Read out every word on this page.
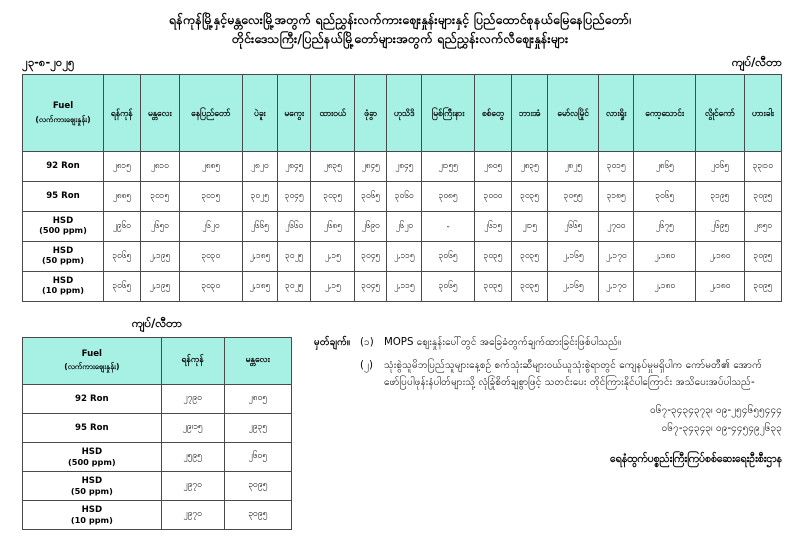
ရန်ကုန်မြို့နှင့်မန္တလေးမြို့အတွက် ရည်ညွှန်းလက်ကားဈေးနှုန်းများနှင့် ပြည်ထောင်စုနယ်မြေနေပြည်တော်၊
တိုင်းဒေသကြီး/ပြည်နယ်မြို့တော်များအတွက် ရည်ညွှန်းလက်လီဈေးနှုန်းများ
၂၃-၈-၂၀၂၅	ကျပ်/လီတာ
Fuel
(လက်ကားဈေးနှုန်း)	ရန်ကုန်	မန္တလေး	နေပြည်တော်	ပဲခူး	မကွေး	ထားဝယ်	ဖုံခွာ	ဟုသိဒိ	မြစ်ကြီးနား	စစ်တွေ	ဘားအံ	မော်လမြိုင်	လားရှိုး	ကော့သောင်း	လွိုင်ကော်	ဟားခါး
92 Ron	၂၈၁၅	၂၈၁၀	၂၈၈၅	၂၈၂၀	၂၈၄၅	၂၈၃၅	၂၈၄၅	၂၈၄၅	၂၊၁၅၅	၂၈၀၅	၂၈၃၅	၂၈၂၅	၃၀၁၅	၂၈၆၅	၂၀၆၅	၃၃၊၁၀
95 Ron	၂၈၈၅	၃၀၁၅	၃၀၁၅	၃၀၂၅	၃၀၄၅	၃၀၃၅	၃၀၆၅	၃၀၆၀	၃၀၈၅	၃၀၀၀	၃၀၃၅	၃၀၅၅	၃၁၈၅	၃၀၆၅	၃၁၉၅	၃၀၉၅
HSD
(500 ppm)	၂၉၆၀	၂၆၅၀	၂၆၂၀	၂၆၆၅	၂၆၆၀	၂၆၈၅	၂၆၉၀	၂၆၂၀	-	၂၆၁၅	၂၊၁၅	၂၆၆၅	၂၇၀၀	၂၆၇၅	၂၆၉၅	၂၈၅၀
HSD
(50 ppm)	၃၀၆၅	၂,၁၉၅	၃၀၃၀	၂,၁၈၅	၃၀၂၅	၂,၁၅	၃၀၄၅	၂,၁၁၅	၃၀၆၅	၃၀၃၅	၃၀၃၅	၂,၁၆၅	၂,၁၇၀	၂,၁၈၀	၂,၁၈၀	၃၀၉၅
HSD
(10 ppm)	၃၀၆၅	၂,၁၉၅	၃၀၃၀	၂,၁၈၅	၃၀၂၅	၂,၁၅	၃၀၄၅	၂,၁၁၅	၃၀၆၅	၃၀၃၅	၃၀၃၅	၂,၁၆၅	၂,၁၇၀	၂,၁၈၀	၂,၁၈၀	၃၀၉၅
ကျပ်/လီတာ
Fuel
(လက်ကားဈေးနှုန်း)	ရန်ကုန်	မန္တလေး
92 Ron	၂၇၉၀	၂၈၀၅
95 Ron	၂၉၊၁၅	၂၉၃၅
HSD
(500 ppm)	၂၅၉၅	၂၆၀၅
HSD
(50 ppm)	၂၉၇၀	၃၀၉၅
HSD
(10 ppm)	၂၉၇၀	၃၀၉၅
မှတ်ချက်။ (၁)	MOPS ဈေးနှုန်းပေါ်တွင် အခြေခံတွက်ချက်ထားခြင်းဖြစ်ပါသည်။
(၂)	သုံးစွဲသူမိဘပြည်သူများနေ့စဉ် စက်သုံးဆီများဝယ်ယူသုံးစွဲရာတွင် ကျေနပ်မှုမရှိပါက ကော်မတီ၏ အောက်ဖော်ပြပါဖုန်းနံပါတ်များသို့ လုံခြုံစိတ်ချစွာဖြင့် သတင်းပေး တိုင်ကြားနိုင်ပါကြောင်း အသိပေးအပ်ပါသည်-
၀၆၇-၃၄၃၄၃၇၃၊ ၀၉-၂၅၄၆၅၅၄၄၄
၀၆၇-၃၄၃၄၃၊ ၀၉-၄၄၅၄၉၂၆၃၃
ရေနံထွက်ပစ္စည်းကြီးကြပ်စစ်ဆေးရေးဦးစီးဌာန
